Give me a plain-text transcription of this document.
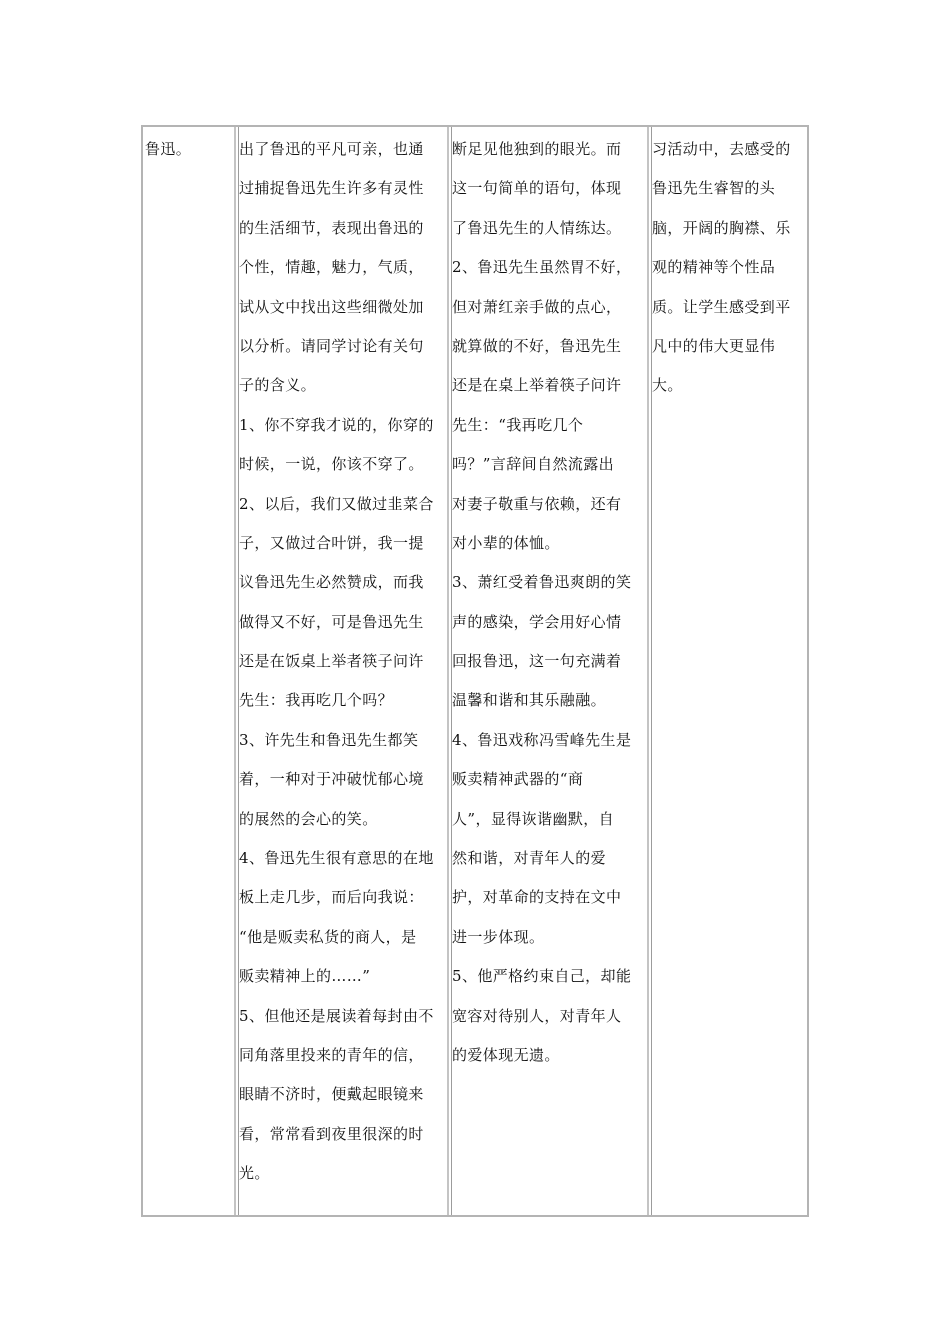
鲁迅。	出了鲁迅的平凡可亲，也通
过捕捉鲁迅先生许多有灵性
的生活细节，表现出鲁迅的
个性，情趣，魅力，气质，
试从文中找出这些细微处加
以分析。请同学讨论有关句
子的含义。
1、你不穿我才说的，你穿的
时候，一说，你该不穿了。
2、以后，我们又做过韭菜合
子，又做过合叶饼，我一提
议鲁迅先生必然赞成，而我
做得又不好，可是鲁迅先生
还是在饭桌上举者筷子问许
先生：我再吃几个吗？
3、许先生和鲁迅先生都笑
着，一种对于冲破忧郁心境
的展然的会心的笑。
4、鲁迅先生很有意思的在地
板上走几步，而后向我说：
“他是贩卖私货的商人，是
贩卖精神上的……”
5、但他还是展读着每封由不
同角落里投来的青年的信，
眼睛不济时，便戴起眼镜来
看，常常看到夜里很深的时
光。
断足见他独到的眼光。而
这一句简单的语句，体现
了鲁迅先生的人情练达。
2、鲁迅先生虽然胃不好，
但对萧红亲手做的点心，
就算做的不好，鲁迅先生
还是在桌上举着筷子问许
先生：“我再吃几个
吗？”言辞间自然流露出
对妻子敬重与依赖，还有
对小辈的体恤。
3、萧红受着鲁迅爽朗的笑
声的感染，学会用好心情
回报鲁迅，这一句充满着
温馨和谐和其乐融融。
4、鲁迅戏称冯雪峰先生是
贩卖精神武器的“商
人”，显得诙谐幽默，自
然和谐，对青年人的爱
护，对革命的支持在文中
进一步体现。
5、他严格约束自己，却能
宽容对待别人，对青年人
的爱体现无遗。
习活动中，去感受的
鲁迅先生睿智的头
脑，开阔的胸襟、乐
观的精神等个性品
质。让学生感受到平
凡中的伟大更显伟
大。
